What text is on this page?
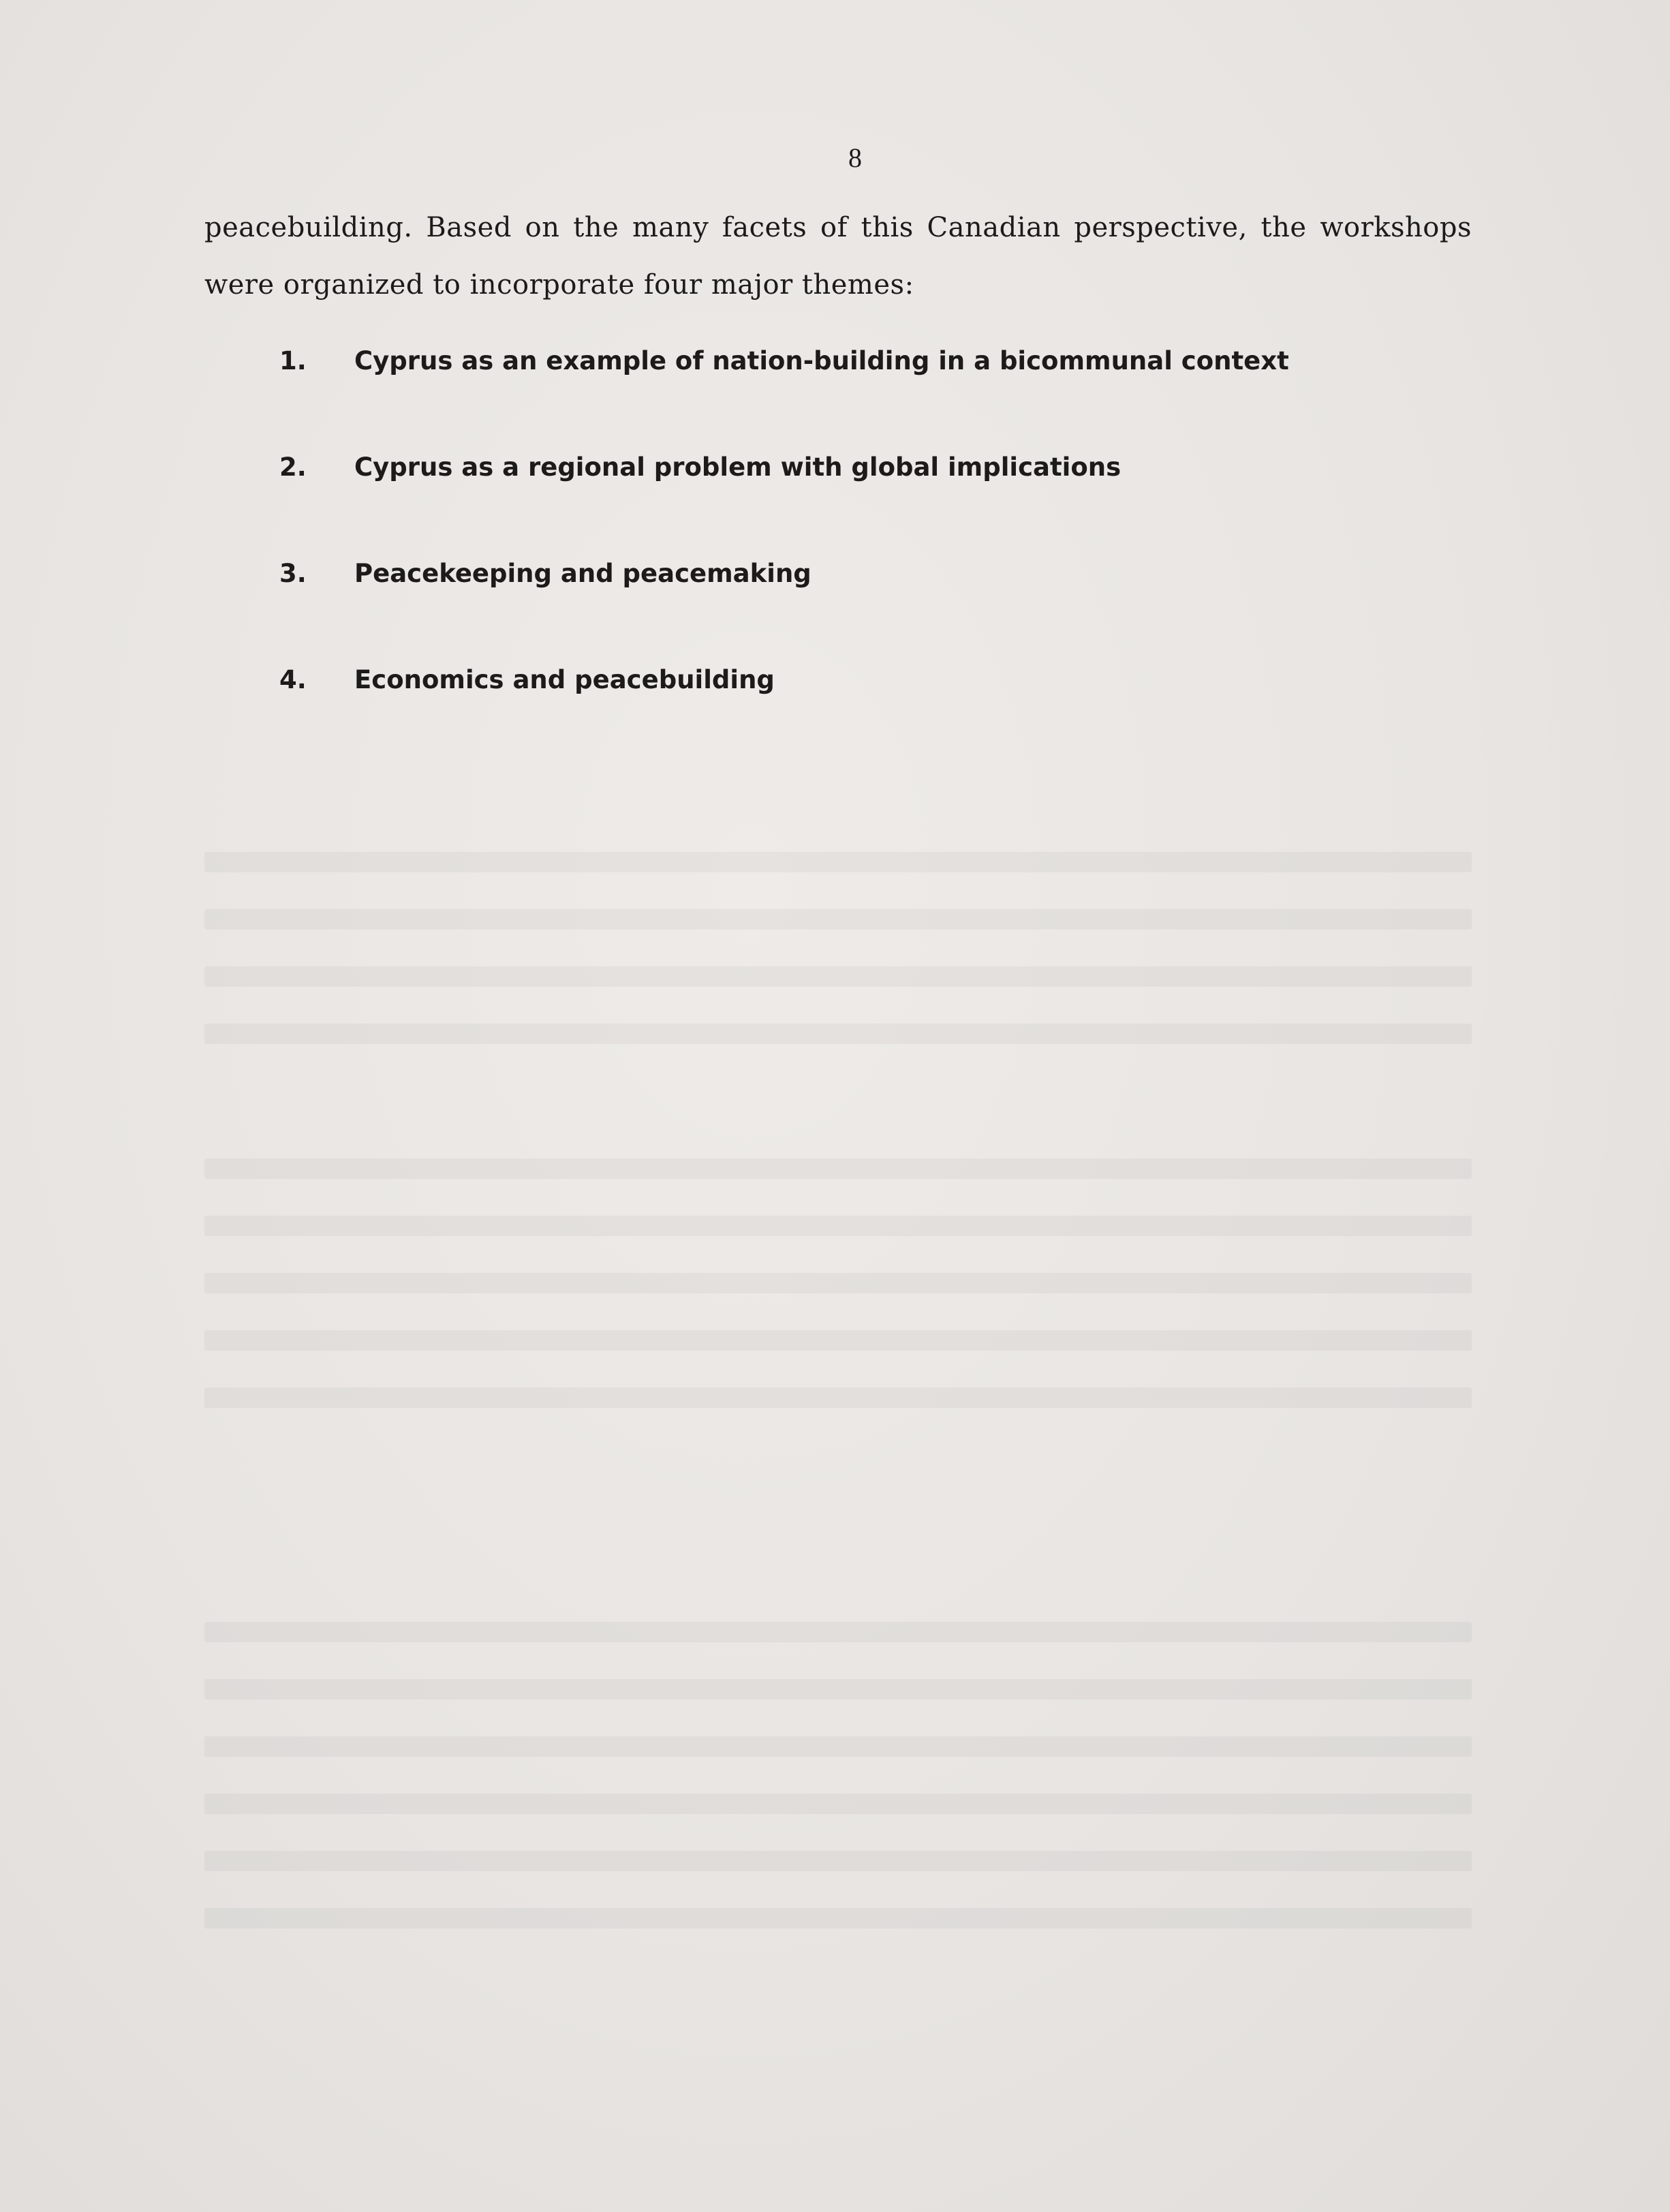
8

peacebuilding. Based on the many facets of this Canadian perspective, the workshops were organized to incorporate four major themes:

1.	Cyprus as an example of nation-building in a bicommunal context
2.	Cyprus as a regional problem with global implications
3.	Peacekeeping and peacemaking
4.	Economics and peacebuilding
